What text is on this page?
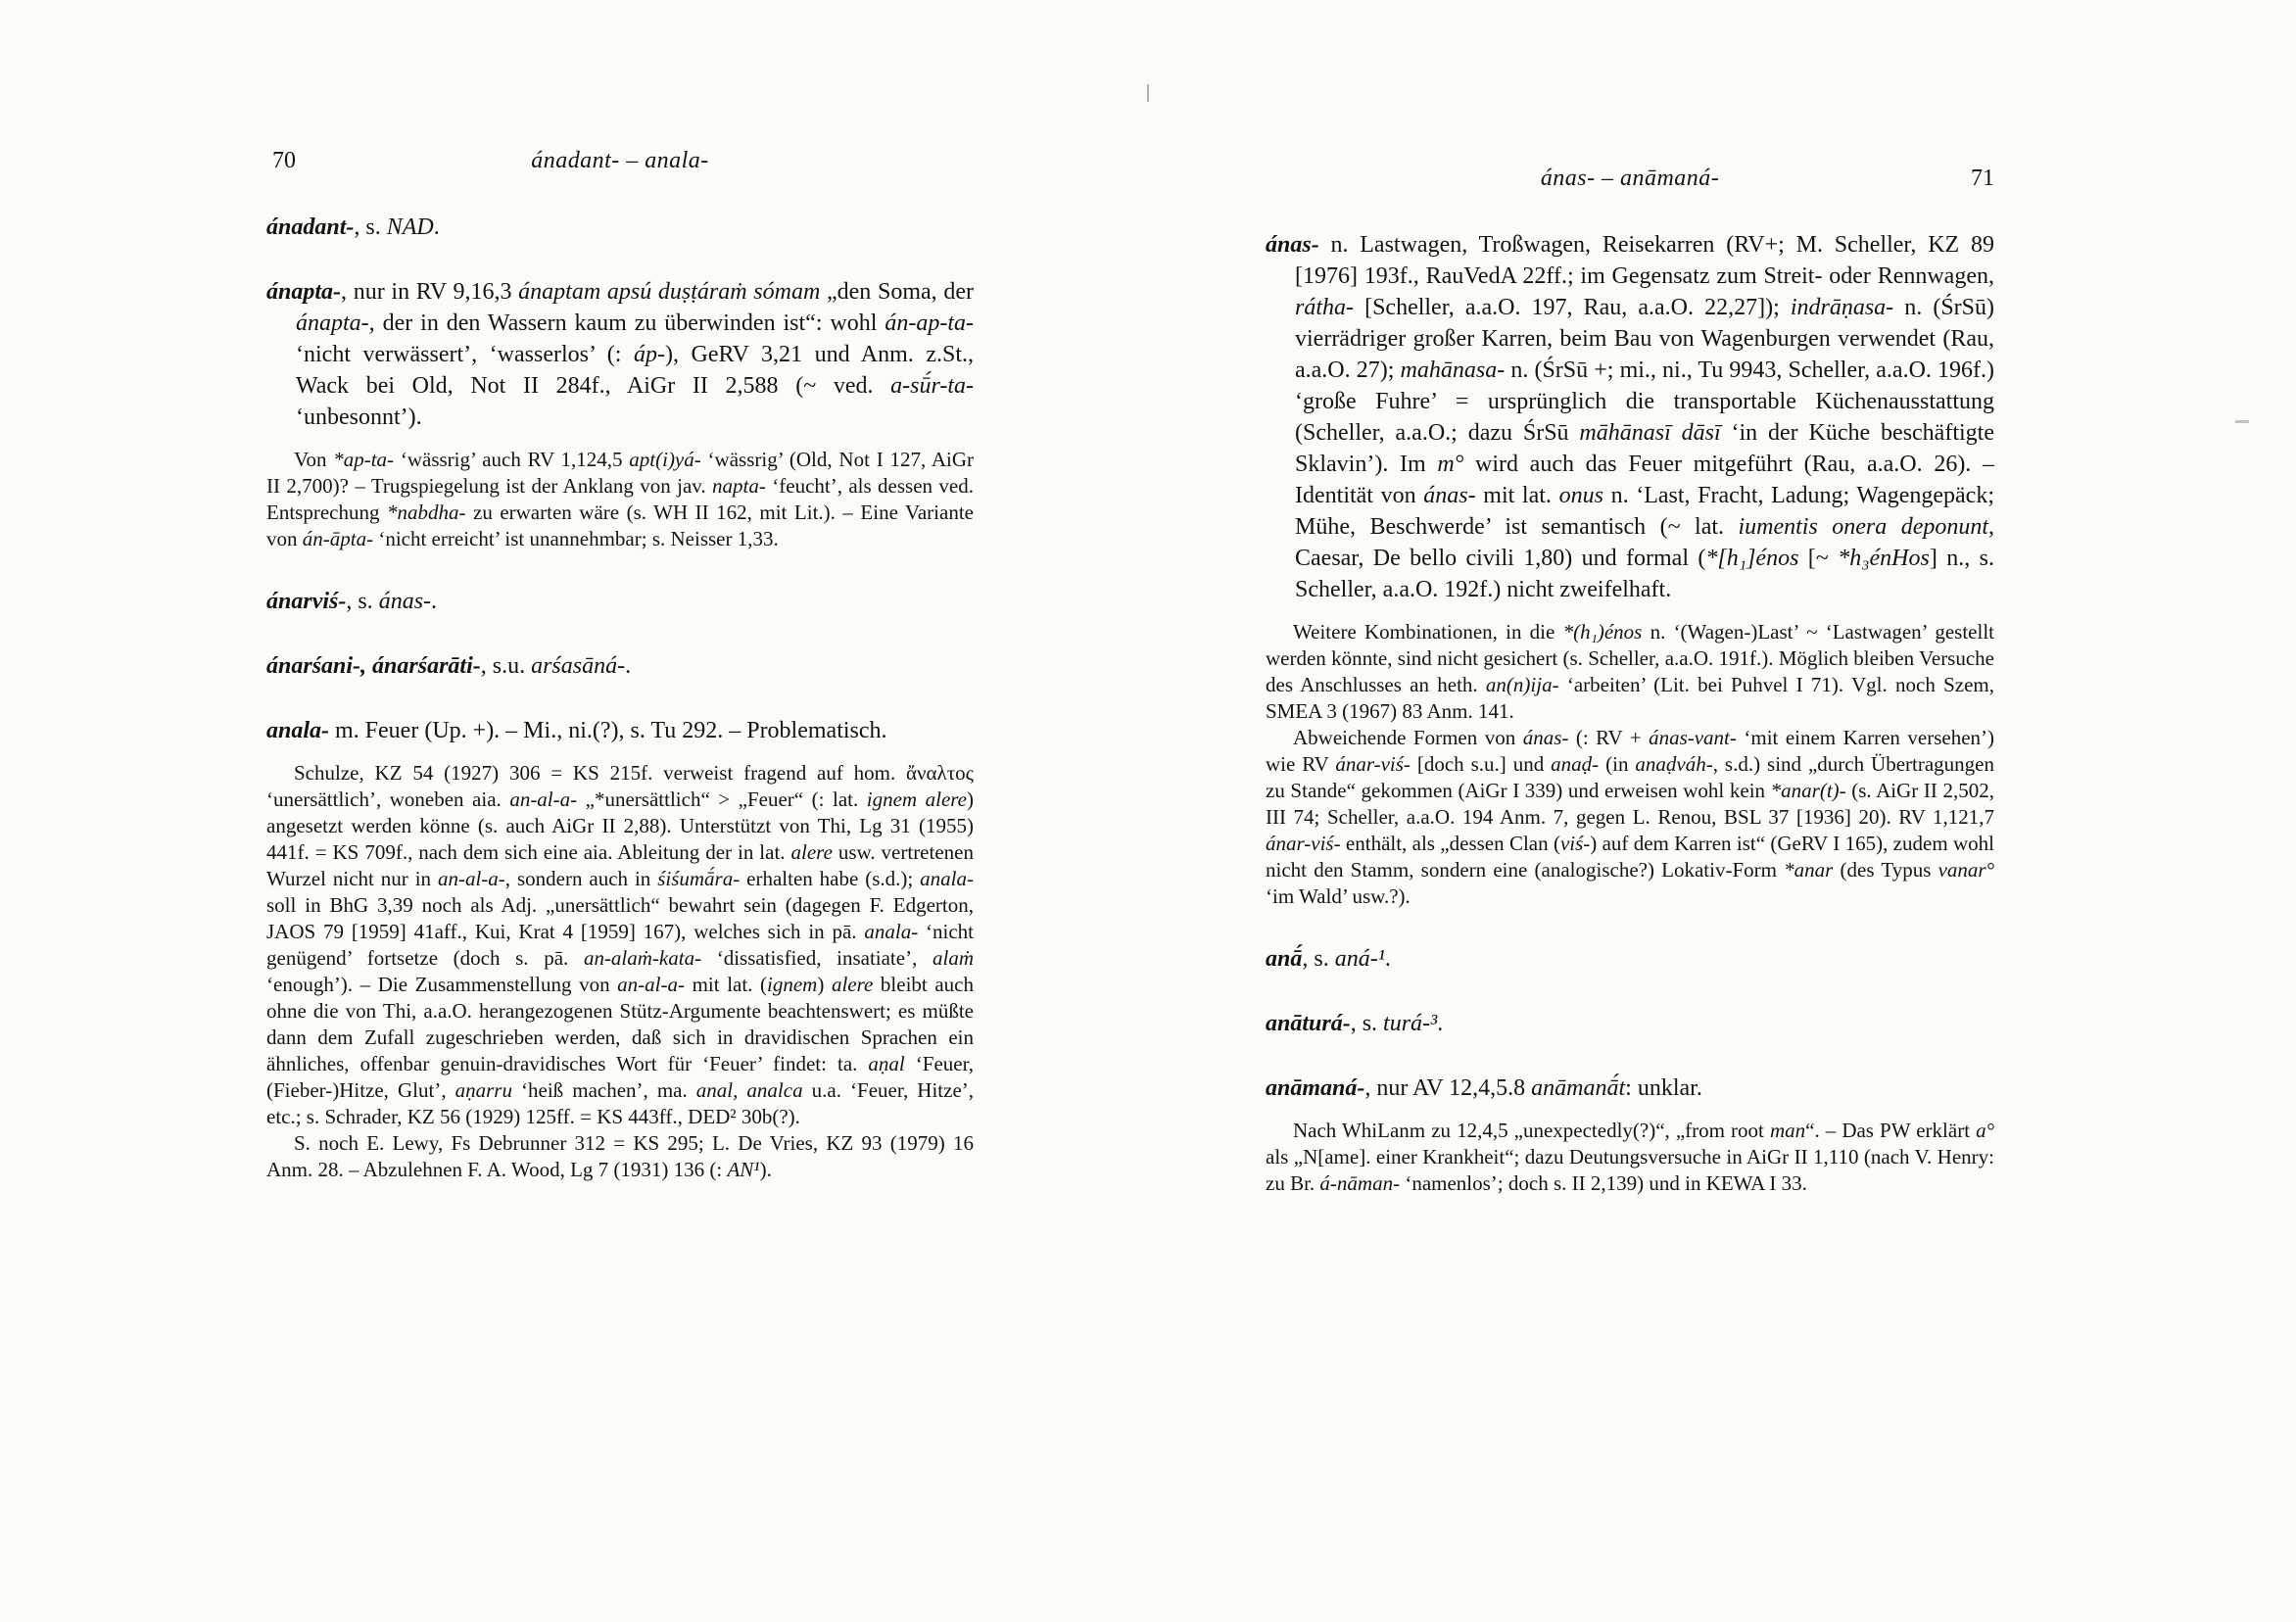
70	ánadant- – anala-

ánadant-, s. NAD.

ánapta-, nur in RV 9,16,3 ánaptam apsú duṣṭáraṁ sómam „den Soma, der ánapta-, der in den Wassern kaum zu überwinden ist“: wohl án-ap-ta- ‘nicht verwässert’, ‘wasserlos’ (: áp-), GeRV 3,21 und Anm. z.St., Wack bei Old, Not II 284f., AiGr II 2,588 (~ ved. a-sū́r-ta- ‘unbesonnt’).

Von *ap-ta- ‘wässrig’ auch RV 1,124,5 apt(i)yá- ‘wässrig’ (Old, Not I 127, AiGr II 2,700)? – Trugspiegelung ist der Anklang von jav. napta- ‘feucht’, als dessen ved. Entsprechung *nabdha- zu erwarten wäre (s. WH II 162, mit Lit.). – Eine Variante von án-āpta- ‘nicht erreicht’ ist unannehmbar; s. Neisser 1,33.

ánarviś-, s. ánas-.

ánarśani-, ánarśarāti-, s.u. arśasāná-.

anala- m. Feuer (Up. +). – Mi., ni.(?), s. Tu 292. – Problematisch.

Schulze, KZ 54 (1927) 306 = KS 215f. verweist fragend auf hom. ἄναλτος ‘unersättlich’, woneben aia. an-al-a- „*unersättlich“ > „Feuer“ (: lat. ignem alere) angesetzt werden könne (s. auch AiGr II 2,88). Unterstützt von Thi, Lg 31 (1955) 441f. = KS 709f., nach dem sich eine aia. Ableitung der in lat. alere usw. vertretenen Wurzel nicht nur in an-al-a-, sondern auch in śiśumā́ra- erhalten habe (s.d.); anala- soll in BhG 3,39 noch als Adj. „unersättlich“ bewahrt sein (dagegen F. Edgerton, JAOS 79 [1959] 41aff., Kui, Krat 4 [1959] 167), welches sich in pā. anala- ‘nicht genügend’ fortsetze (doch s. pā. an-alaṁ-kata- ‘dissatisfied, insatiate’, alaṁ ‘enough’). – Die Zusammenstellung von an-al-a- mit lat. (ignem) alere bleibt auch ohne die von Thi, a.a.O. herangezogenen Stütz-Argumente beachtenswert; es müßte dann dem Zufall zugeschrieben werden, daß sich in dravidischen Sprachen ein ähnliches, offenbar genuin-dravidisches Wort für ‘Feuer’ findet: ta. aṇal ‘Feuer, (Fieber-)Hitze, Glut’, aṇarru ‘heiß machen’, ma. anal, analca u.a. ‘Feuer, Hitze’, etc.; s. Schrader, KZ 56 (1929) 125ff. = KS 443ff., DED² 30b(?).

S. noch E. Lewy, Fs Debrunner 312 = KS 295; L. De Vries, KZ 93 (1979) 16 Anm. 28. – Abzulehnen F. A. Wood, Lg 7 (1931) 136 (: AN¹).

ánas- – anāmaná-	71

ánas- n. Lastwagen, Troßwagen, Reisekarren (RV+; M. Scheller, KZ 89 [1976] 193f., RauVedA 22ff.; im Gegensatz zum Streit- oder Rennwagen, rátha- [Scheller, a.a.O. 197, Rau, a.a.O. 22,27]); indrāṇasa- n. (ŚrSū) vierrädriger großer Karren, beim Bau von Wagenburgen verwendet (Rau, a.a.O. 27); mahānasa- n. (ŚrSū +; mi., ni., Tu 9943, Scheller, a.a.O. 196f.) ‘große Fuhre’ = ursprünglich die transportable Küchenausstattung (Scheller, a.a.O.; dazu ŚrSū māhānasī dāsī ‘in der Küche beschäftigte Sklavin’). Im m° wird auch das Feuer mitgeführt (Rau, a.a.O. 26). – Identität von ánas- mit lat. onus n. ‘Last, Fracht, Ladung; Wagengepäck; Mühe, Beschwerde’ ist semantisch (~ lat. iumentis onera deponunt, Caesar, De bello civili 1,80) und formal (*[h₁]énos [~ *h₃énHos] n., s. Scheller, a.a.O. 192f.) nicht zweifelhaft.

Weitere Kombinationen, in die *(h₁)énos n. ‘(Wagen-)Last’ ~ ‘Lastwagen’ gestellt werden könnte, sind nicht gesichert (s. Scheller, a.a.O. 191f.). Möglich bleiben Versuche des Anschlusses an heth. an(n)ija- ‘arbeiten’ (Lit. bei Puhvel I 71). Vgl. noch Szem, SMEA 3 (1967) 83 Anm. 141.

Abweichende Formen von ánas- (: RV + ánas-vant- ‘mit einem Karren versehen’) wie RV ánar-viś- [doch s.u.] und anaḍ- (in anaḍváh-, s.d.) sind „durch Übertragungen zu Stande“ gekommen (AiGr I 339) und erweisen wohl kein *anar(t)- (s. AiGr II 2,502, III 74; Scheller, a.a.O. 194 Anm. 7, gegen L. Renou, BSL 37 [1936] 20). RV 1,121,7 ánar-viś- enthält, als „dessen Clan (viś-) auf dem Karren ist“ (GeRV I 165), zudem wohl nicht den Stamm, sondern eine (analogische?) Lokativ-Form *anar (des Typus vanar° ‘im Wald’ usw.?).

anā́, s. aná-¹.

anāturá-, s. turá-³.

anāmaná-, nur AV 12,4,5.8 anāmanā́t: unklar.

Nach WhiLanm zu 12,4,5 „unexpectedly(?)“, „from root man“. – Das PW erklärt a° als „N[ame]. einer Krankheit“; dazu Deutungsversuche in AiGr II 1,110 (nach V. Henry: zu Br. á-nāman- ‘namenlos’; doch s. II 2,139) und in KEWA I 33.
